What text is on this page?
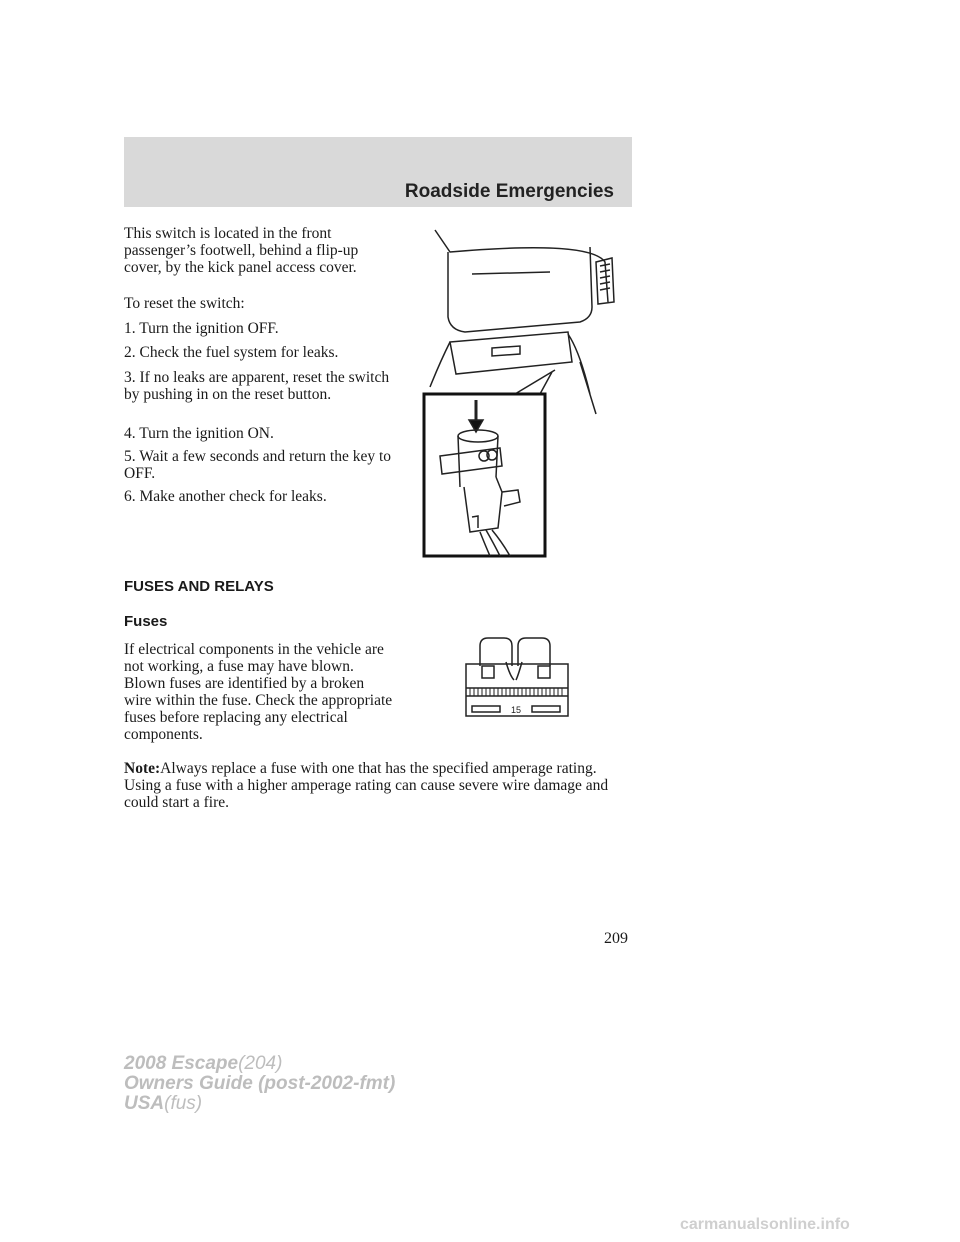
Roadside Emergencies

This switch is located in the front passenger’s footwell, behind a flip-up cover, by the kick panel access cover.

To reset the switch:

1. Turn the ignition OFF.

2. Check the fuel system for leaks.

3. If no leaks are apparent, reset the switch by pushing in on the reset button.

4. Turn the ignition ON.

5. Wait a few seconds and return the key to OFF.

6. Make another check for leaks.

FUSES AND RELAYS
Fuses

If electrical components in the vehicle are not working, a fuse may have blown. Blown fuses are identified by a broken wire within the fuse. Check the appropriate fuses before replacing any electrical components.

15
Note:Always replace a fuse with one that has the specified amperage rating. Using a fuse with a higher amperage rating can cause severe wire damage and could start a fire.
209
2008 Escape(204)
Owners Guide (post-2002-fmt)
USA(fus)
carmanualsonline.info
